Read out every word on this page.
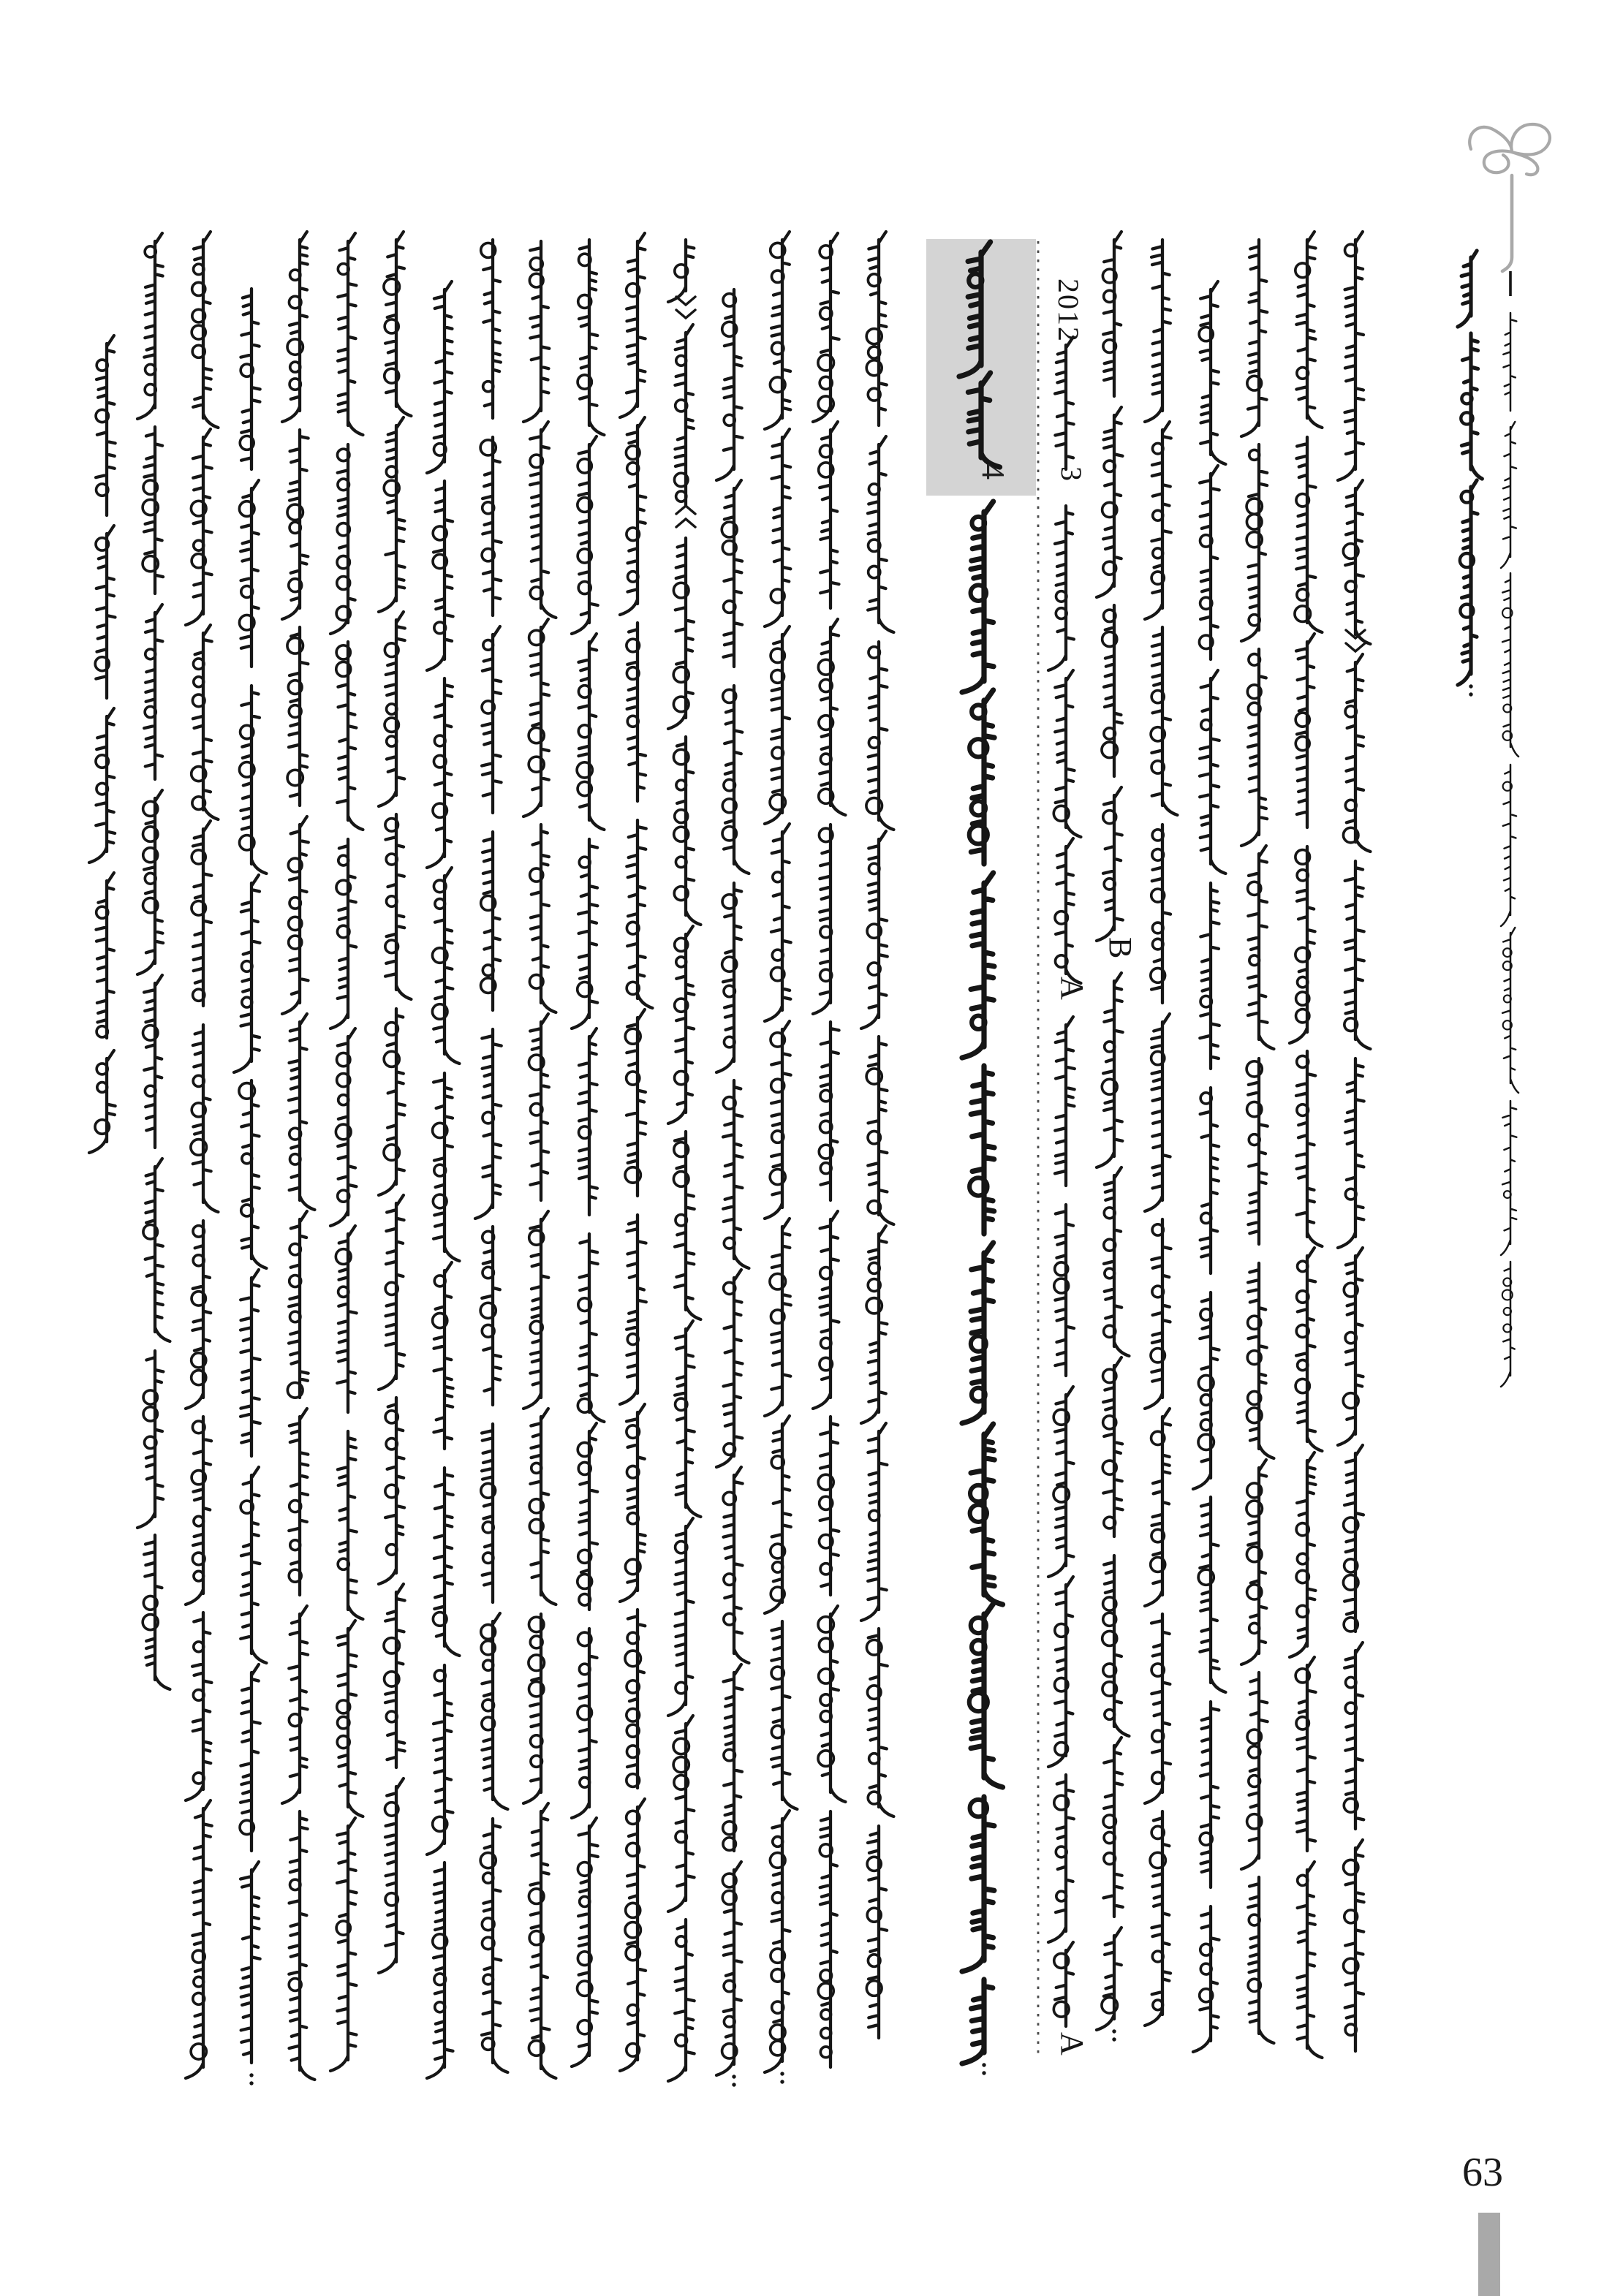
2012
3
A
B
A
4
63
